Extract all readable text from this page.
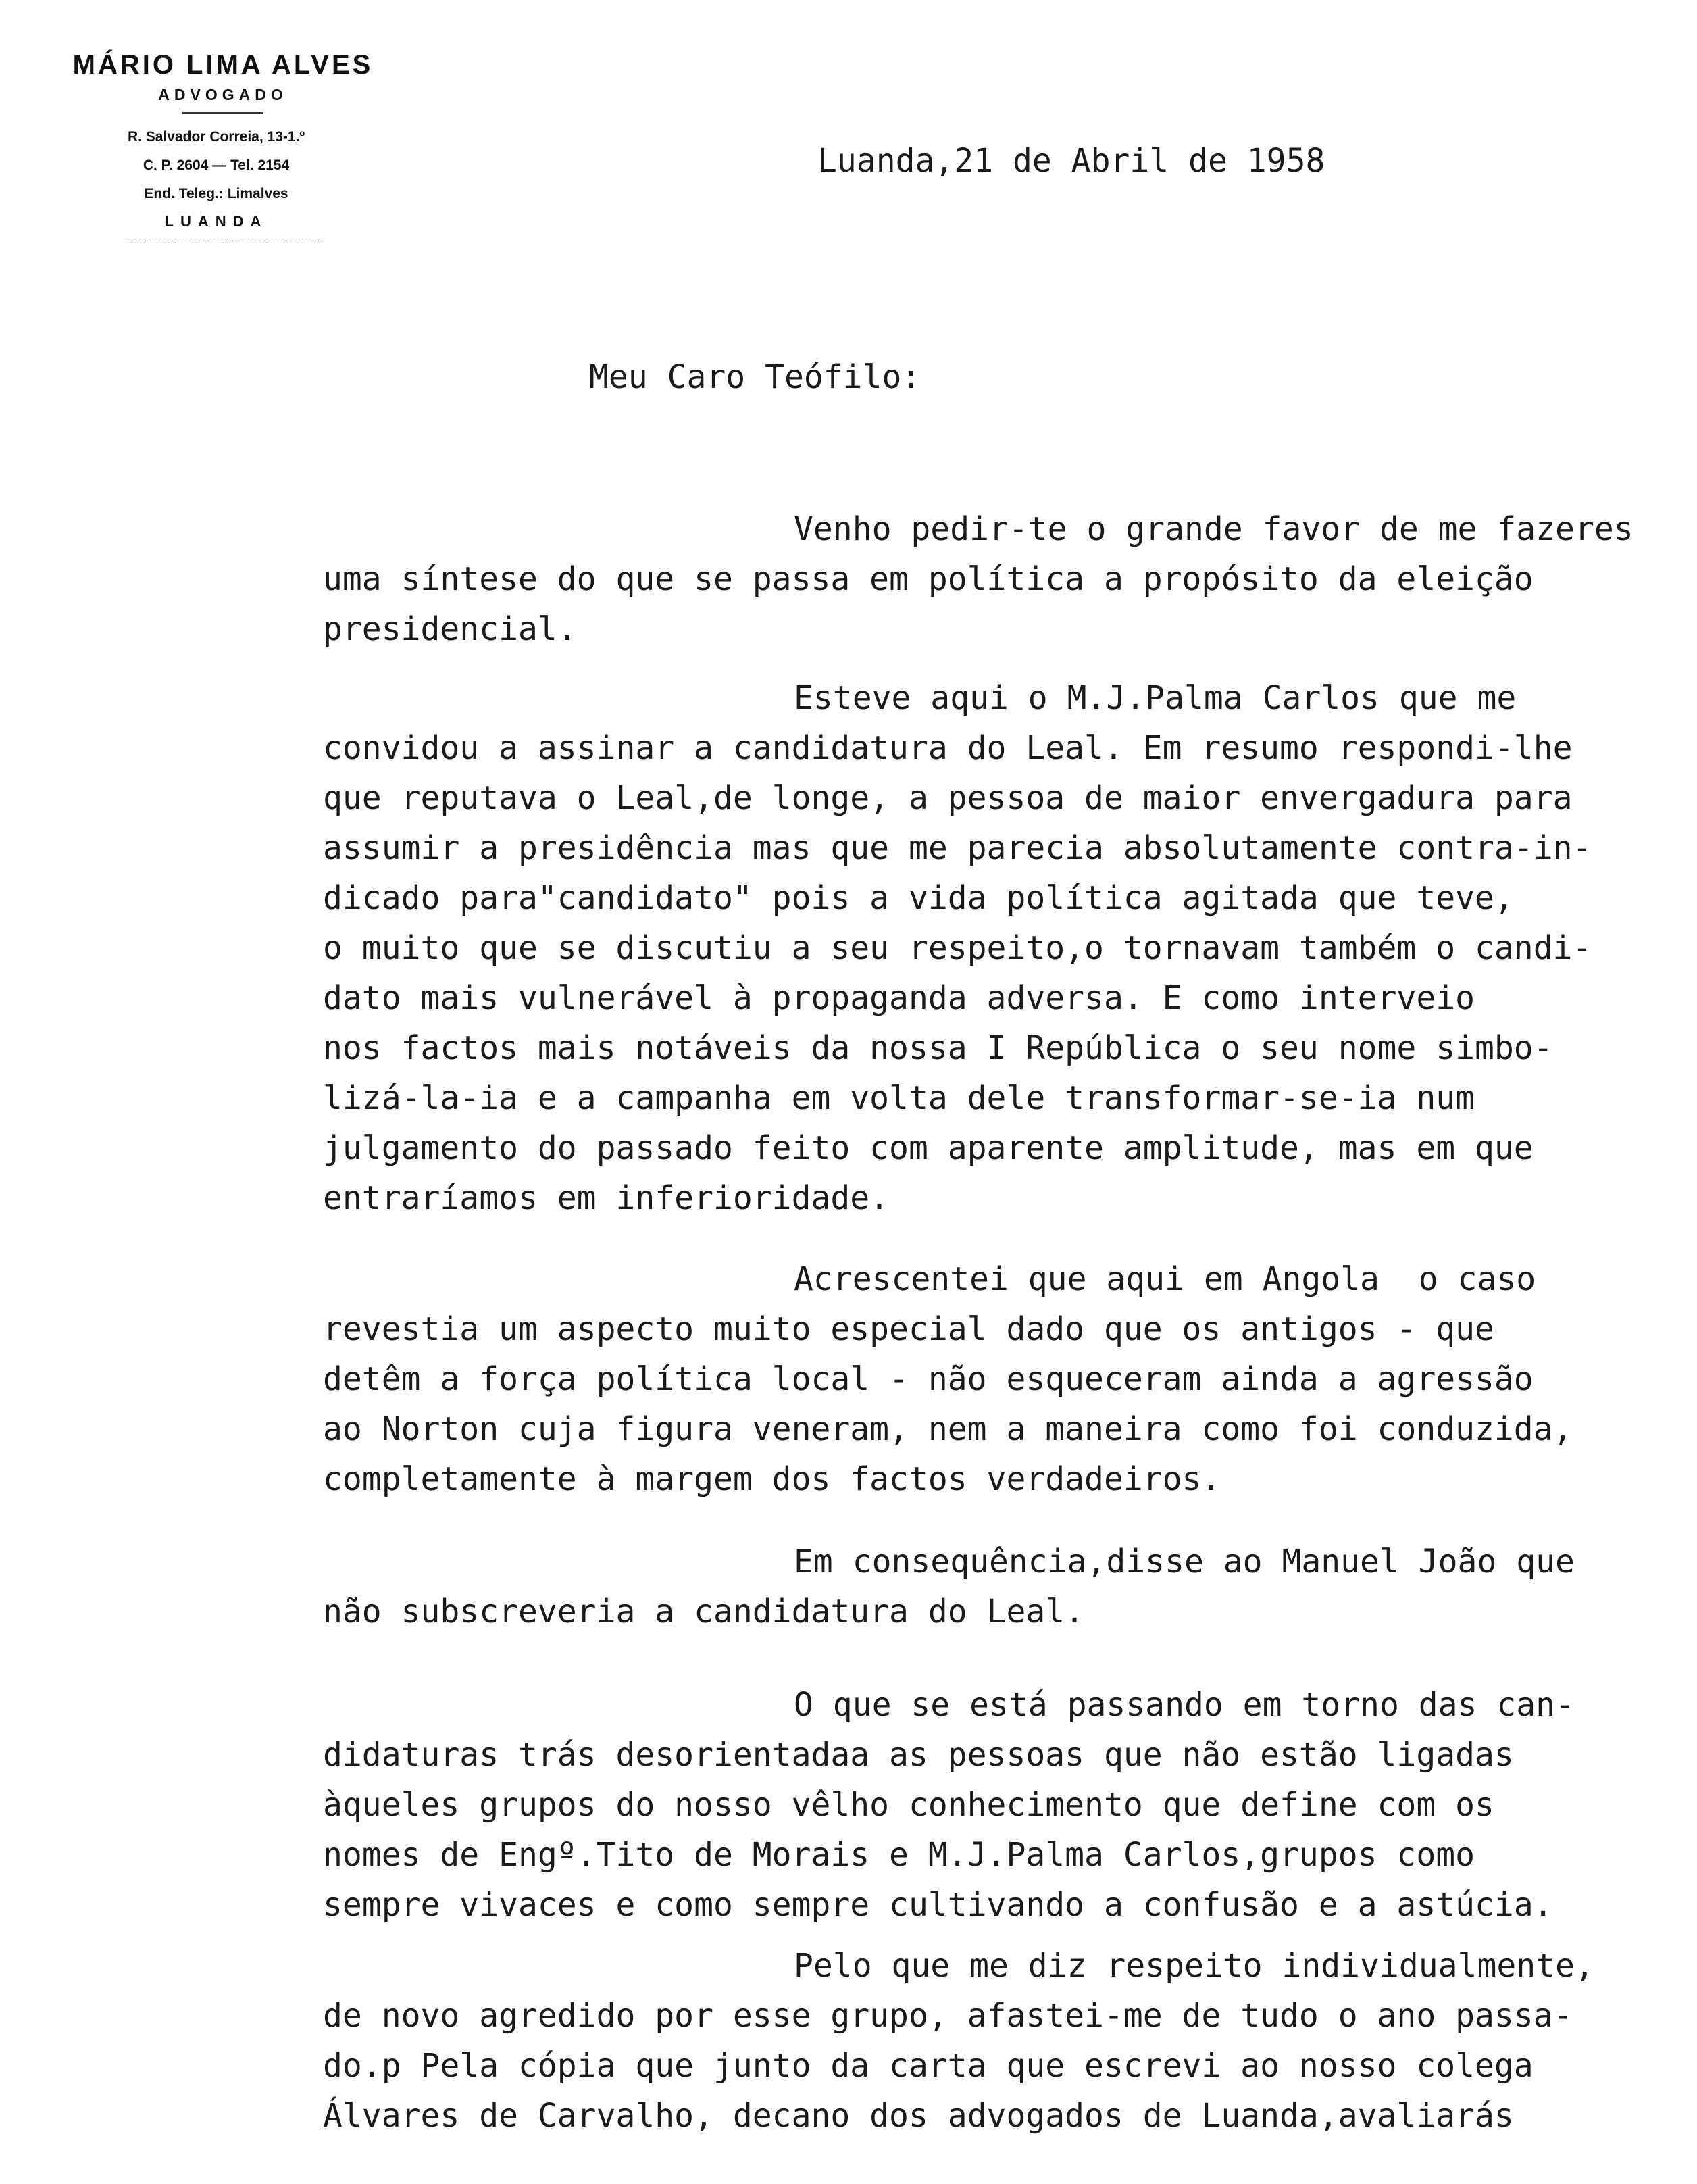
MÁRIO LIMA ALVES
ADVOGADO
R. Salvador Correia, 13-1.º
C. P. 2604 — Tel. 2154
End. Teleg.: Limalves
LUANDA
Luanda,21 de Abril de 1958
Meu Caro Teófilo:
Venho pedir-te o grande favor de me fazeres
uma síntese do que se passa em política a propósito da eleição
presidencial.
Esteve aqui o M.J.Palma Carlos que me
convidou a assinar a candidatura do Leal. Em resumo respondi-lhe
que reputava o Leal,de longe, a pessoa de maior envergadura para
assumir a presidência mas que me parecia absolutamente contra-in-
dicado para"candidato" pois a vida política agitada que teve,
o muito que se discutiu a seu respeito,o tornavam também o candi-
dato mais vulnerável à propaganda adversa. E como interveio
nos factos mais notáveis da nossa I República o seu nome simbo-
lizá-la-ia e a campanha em volta dele transformar-se-ia num
julgamento do passado feito com aparente amplitude, mas em que
entraríamos em inferioridade.
Acrescentei que aqui em Angola  o caso
revestia um aspecto muito especial dado que os antigos - que
detêm a força política local - não esqueceram ainda a agressão
ao Norton cuja figura veneram, nem a maneira como foi conduzida,
completamente à margem dos factos verdadeiros.
Em consequência,disse ao Manuel João que
não subscreveria a candidatura do Leal.
O que se está passando em torno das can-
didaturas trás desorientadaa as pessoas que não estão ligadas
àqueles grupos do nosso vêlho conhecimento que define com os
nomes de Engº.Tito de Morais e M.J.Palma Carlos,grupos como
sempre vivaces e como sempre cultivando a confusão e a astúcia.
Pelo que me diz respeito individualmente,
de novo agredido por esse grupo, afastei-me de tudo o ano passa-
do.p Pela cópia que junto da carta que escrevi ao nosso colega
Álvares de Carvalho, decano dos advogados de Luanda,avaliarás
